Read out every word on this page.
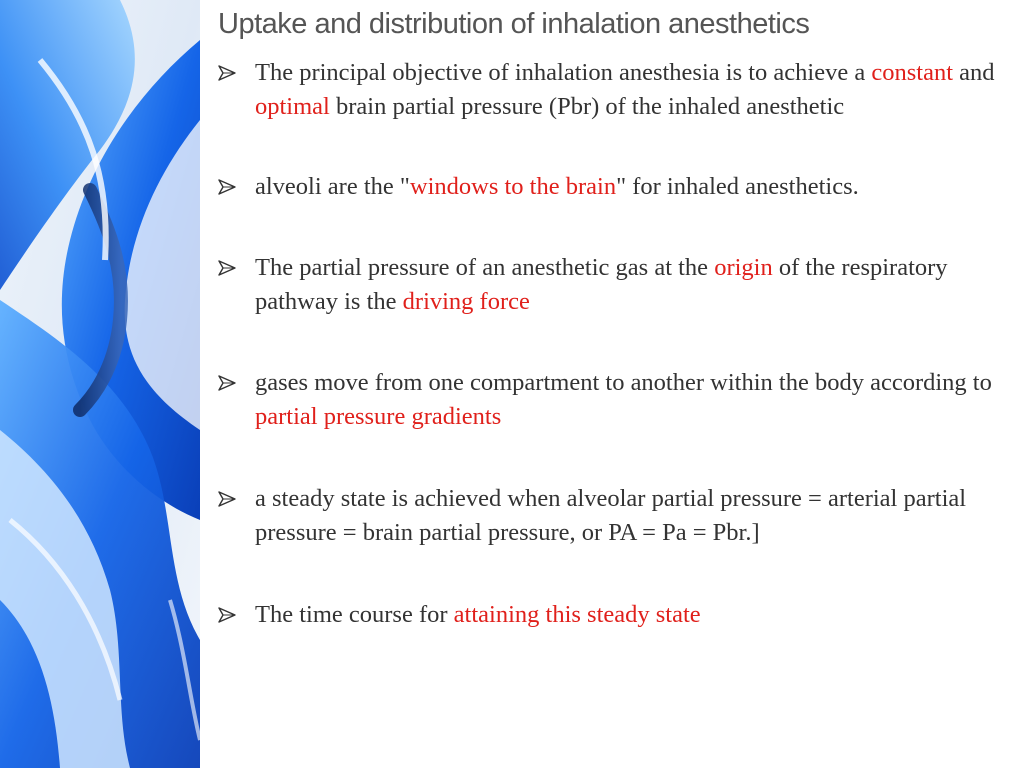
Uptake and distribution of inhalation anesthetics
The principal objective of inhalation anesthesia is to achieve a constant and optimal brain partial pressure (Pbr) of the inhaled anesthetic
alveoli are the "windows to the brain" for inhaled anesthetics.
The partial pressure of an anesthetic gas at the origin of the respiratory pathway is the driving force
gases move from one compartment to another within the body according to partial pressure gradients
a steady state is achieved when alveolar partial pressure = arterial partial pressure = brain partial pressure, or PA = Pa = Pbr.]
The time course for attaining this steady state
